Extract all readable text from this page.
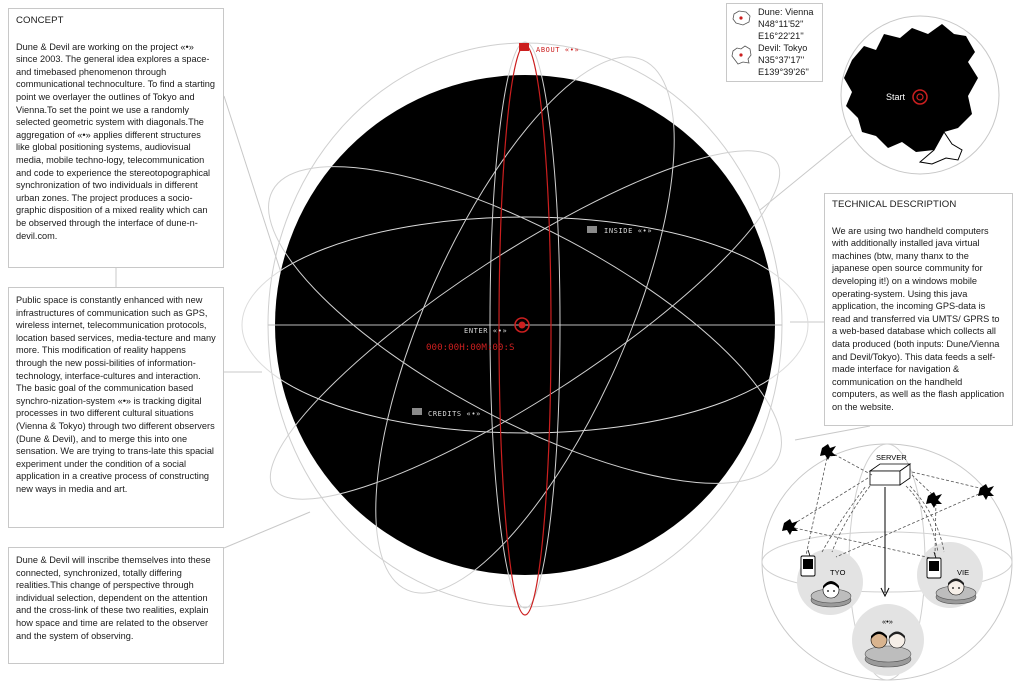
ABOUT «•»
INSIDE «•»
ENTER «•»
000:00H:00M:00:S
CREDITS «•»
Start
SERVER
TYO	VIE
«•»
CONCEPT

Dune & Devil are working on the project «•» since 2003. The general idea explores a space- and timebased phenomenon through communicational technoculture. To find a starting point we overlayer the outlines of Tokyo and Vienna.To set the point we use a randomly selected geometric system with diagonals.The aggregation of «•» applies different structures like global positioning systems, audiovisual media, mobile techno-logy, telecommunication and code to experience the stereotopographical synchronization of two individuals in different urban zones. The project produces a socio-graphic disposition of a mixed reality which can be observed through the interface of dune-n-devil.com.

Public space is constantly enhanced with new infrastructures of communication such as GPS, wireless internet, telecommunication protocols, location based services, media-tecture and many more. This modification of reality happens through the new possi-bilities of information-technology, interface-cultures and interaction. The basic goal of the communication based synchro-nization-system «•» is tracking digital processes in two different cultural situations (Vienna & Tokyo) through two different observers (Dune & Devil), and to merge this into one sensation. We are trying to trans-late this spacial experiment under the condition of a social application in a creative process of constructing new ways in media and art.

Dune & Devil will inscribe themselves into these connected, synchronized, totally differing realities.This change of perspective through individual selection, dependent on the attention and the cross-link of these two realities, explain how space and time are related to the observer and the system of observing.

TECHNICAL DESCRIPTION

We are using two handheld computers with additionally installed java virtual machines (btw, many thanx to the japanese open source community for developing it!) on a windows mobile operating-system. Using this java application, the incoming GPS-data is read and transferred via UMTS/ GPRS to a web-based database which collects all data produced (both inputs: Dune/Vienna and Devil/Tokyo). This data feeds a self-made interface for navigation & communication on the handheld computers, as well as the flash application on the website.

Dune: Vienna
N48°11'52''
E16°22'21''
Devil: Tokyo
N35°37'17''
E139°39'26''
